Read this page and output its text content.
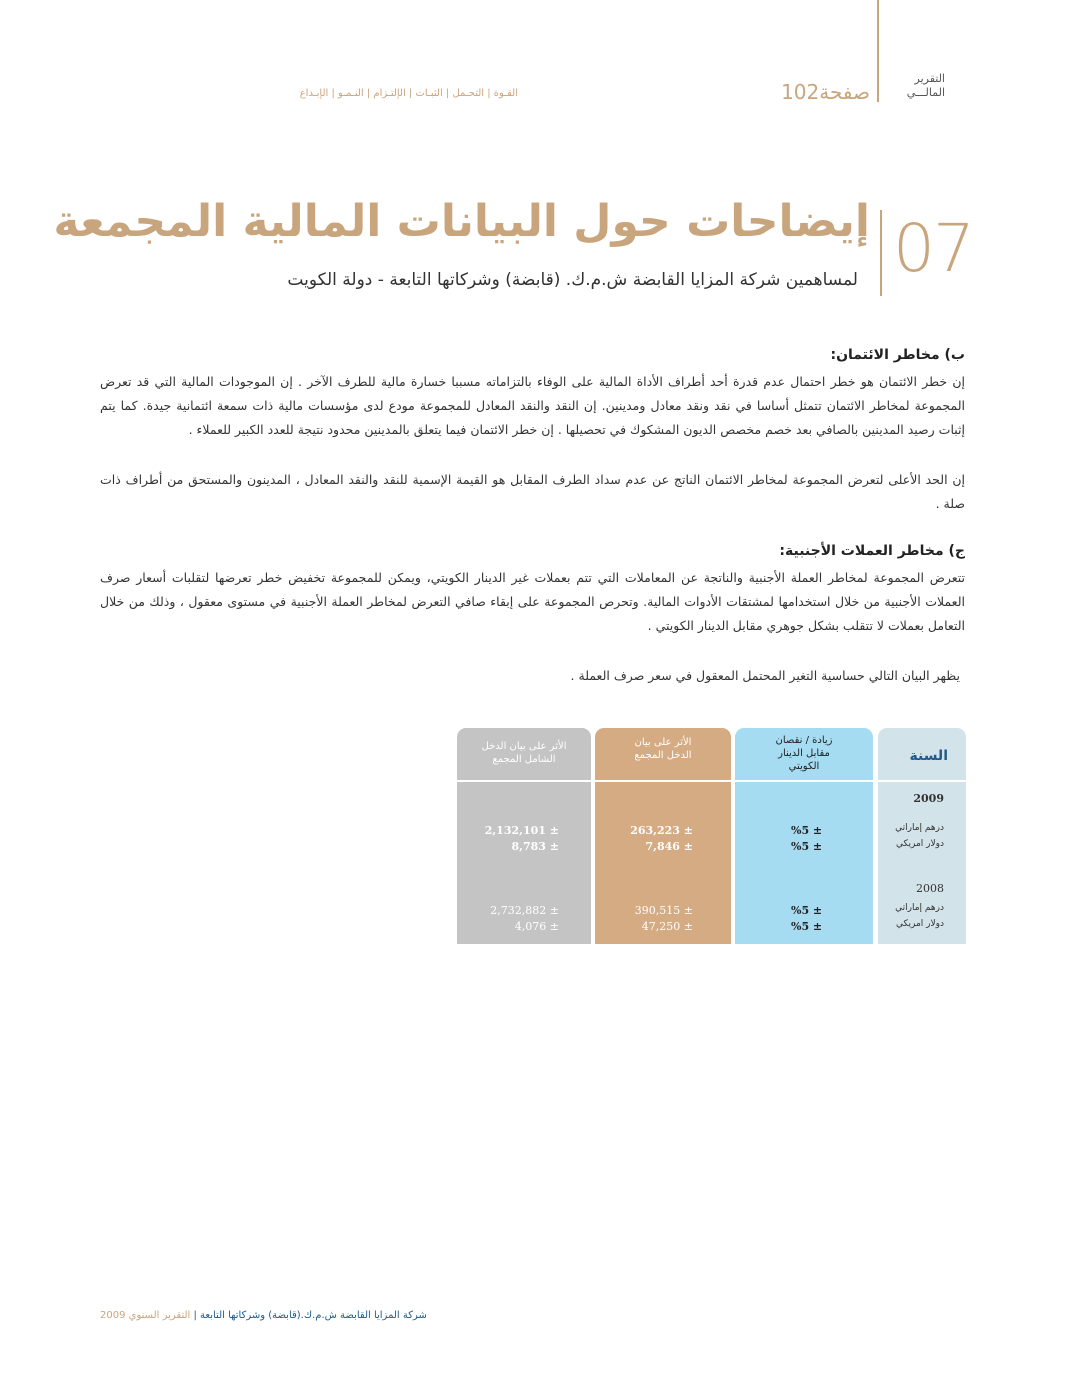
التقرير
المالـــي
صفحة102
القـوة | التحـمل | الثبـات | الإلتـزام | النـمـو | الإبـداع
07
إيضاحات حول البيانات المالية المجمعة
لمساهمين شركة المزايا القابضة ش.م.ك. (قابضة) وشركاتها التابعة - دولة الكويت
ب) مخاطر الائتمان:
إن خطر الائتمان هو خطر احتمال عدم قدرة أحد أطراف الأداة المالية على الوفاء بالتزاماته مسببا خسارة مالية للطرف الآخر . إن الموجودات المالية التي قد تعرض المجموعة لمخاطر الائتمان تتمثل أساسا في نقد ونقد معادل ومدينين. إن النقد والنقد المعادل للمجموعة مودع لدى مؤسسات مالية ذات سمعة ائتمانية جيدة. كما يتم إثبات رصيد المدينين بالصافي بعد خصم مخصص الديون المشكوك في تحصيلها . إن خطر الائتمان فيما يتعلق بالمدينين محدود نتيجة للعدد الكبير للعملاء .
إن الحد الأعلى لتعرض المجموعة لمخاطر الائتمان الناتج عن عدم سداد الطرف المقابل هو القيمة الإسمية للنقد والنقد المعادل ، المدينون والمستحق من أطراف ذات صلة .
ج) مخاطر العملات الأجنبية:
تتعرض المجموعة لمخاطر العملة الأجنبية والناتجة عن المعاملات التي تتم بعملات غير الدينار الكويتي، ويمكن للمجموعة تخفيض خطر تعرضها لتقلبات أسعار صرف العملات الأجنبية من خلال استخدامها لمشتقات الأدوات المالية. وتحرص المجموعة على إبقاء صافي التعرض لمخاطر العملة الأجنبية في مستوى معقول ، وذلك من خلال التعامل بعملات لا تتقلب بشكل جوهري مقابل الدينار الكويتي .
يظهر البيان التالي حساسية التغير المحتمل المعقول في سعر صرف العملة .
السنة
2009
درهم إماراتي
دولار امريكي
2008
درهم إماراتي
دولار امريكي
زيادة / نقصان مقابل الدينار الكويتي
%5 ±
%5 ±
%5 ±
%5 ±
الأثر على بيان الدخل المجمع
263,223 ±
7,846 ±
390,515 ±
47,250 ±
الأثر على بيان الدخل الشامل المجمع
2,132,101 ±
8,783 ±
2,732,882 ±
4,076 ±
شركة المزايا القابضة ش.م.ك.(قابضة) وشركاتها التابعة | التقرير السنوي 2009
